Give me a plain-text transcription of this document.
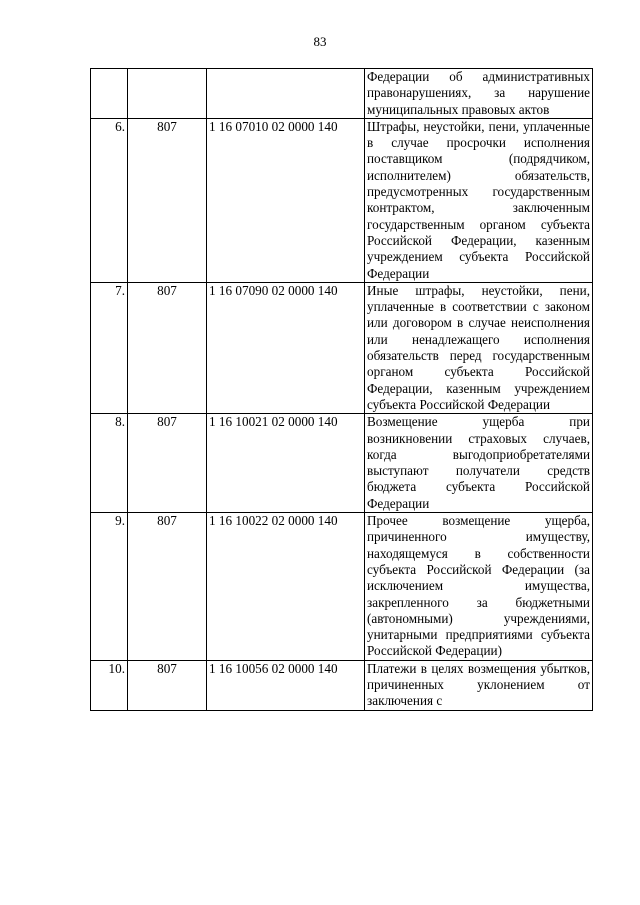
83
			Федерации об административных правонарушениях, за нарушение муниципальных правовых актов
6.	807	1 16 07010 02 0000 140	Штрафы, неустойки, пени, уплаченные в случае просрочки исполнения поставщиком (подрядчиком, исполнителем) обязательств, предусмотренных государственным контрактом, заключенным государственным органом субъекта Российской Федерации, казенным учреждением субъекта Российской Федерации
7.	807	1 16 07090 02 0000 140	Иные штрафы, неустойки, пени, уплаченные в соответствии с законом или договором в случае неисполнения или ненадлежащего исполнения обязательств перед государственным органом субъекта Российской Федерации, казенным учреждением субъекта Российской Федерации
8.	807	1 16 10021 02 0000 140	Возмещение ущерба при возникновении страховых случаев, когда выгодоприобретателями выступают получатели средств бюджета субъекта Российской Федерации
9.	807	1 16 10022 02 0000 140	Прочее возмещение ущерба, причиненного имуществу, находящемуся в собственности субъекта Российской Федерации (за исключением имущества, закрепленного за бюджетными (автономными) учреждениями, унитарными предприятиями субъекта Российской Федерации)
10.	807	1 16 10056 02 0000 140	Платежи в целях возмещения убытков, причиненных уклонением от заключения с
